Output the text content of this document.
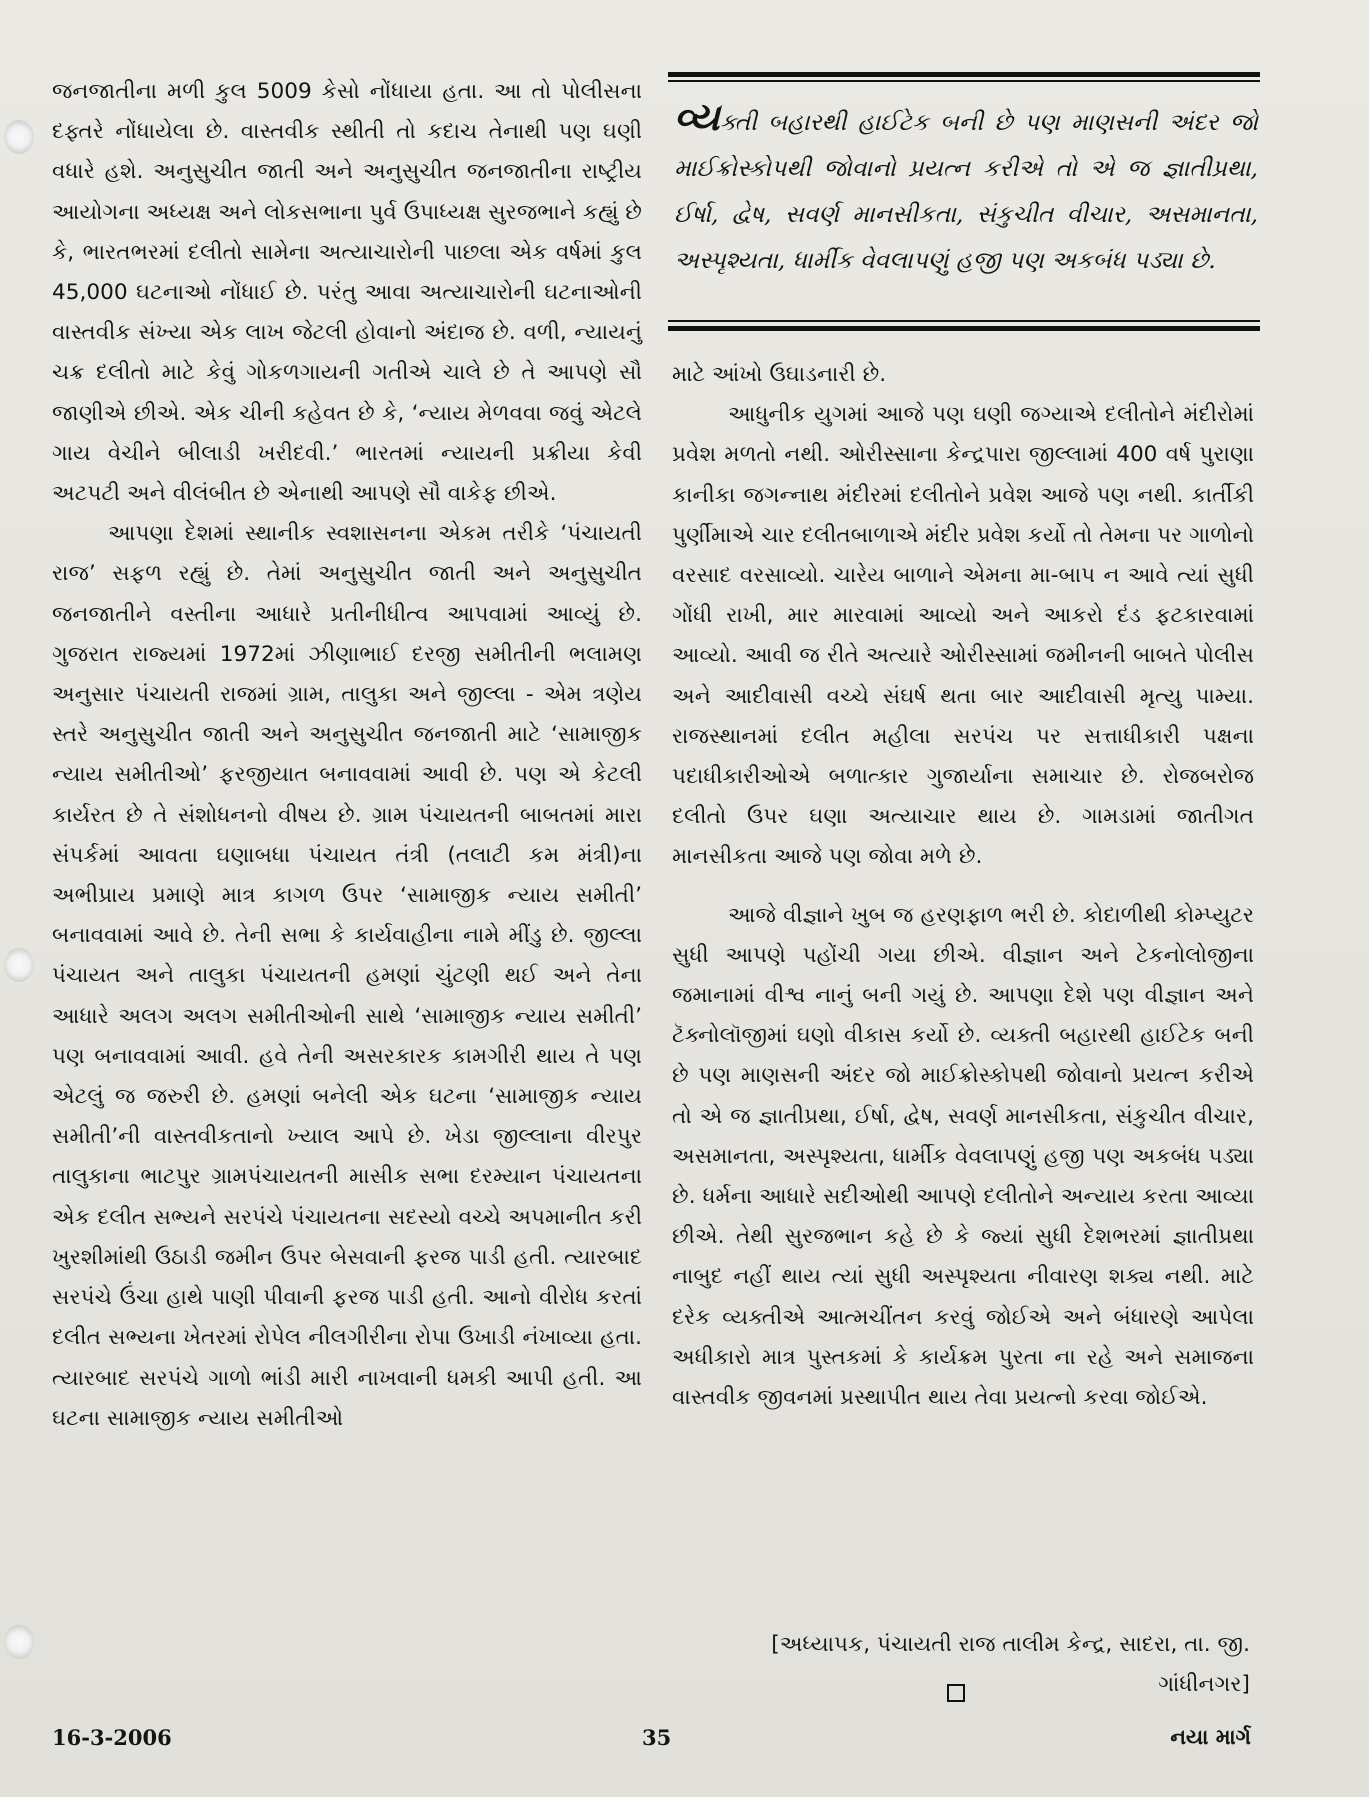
જનજાતીના મળી કુલ 5009 કેસો નોંધાયા હતા. આ તો પોલીસના દફ્તરે નોંધાયેલા છે. વાસ્તવીક સ્થીતી તો કદાચ તેનાથી પણ ઘણી વધારે હશે. અનુસુચીત જાતી અને અનુસુચીત જનજાતીના રાષ્ટ્રીય આયોગના અધ્યક્ષ અને લોકસભાના પુર્વ ઉપાધ્યક્ષ સુરજભાને કહ્યું છે કે, ભારતભરમાં દલીતો સામેના અત્યાચારોની પાછલા એક વર્ષમાં કુલ 45,000 ઘટનાઓ નોંધાઈ છે. પરંતુ આવા અત્યાચારોની ઘટનાઓની વાસ્તવીક સંખ્યા એક લાખ જેટલી હોવાનો અંદાજ છે. વળી, ન્યાયનું ચક્ર દલીતો માટે કેવું ગોકળગાયની ગતીએ ચાલે છે તે આપણે સૌ જાણીએ છીએ. એક ચીની કહેવત છે કે, ‘ન્યાય મેળવવા જવું એટલે ગાય વેચીને બીલાડી ખરીદવી.’ ભારતમાં ન્યાયની પ્રક્રીયા કેવી અટપટી અને વીલંબીત છે એનાથી આપણે સૌ વાકેફ છીએ.

આપણા દેશમાં સ્થાનીક સ્વશાસનના એકમ તરીકે ‘પંચાયતી રાજ’ સફળ રહ્યું છે. તેમાં અનુસુચીત જાતી અને અનુસુચીત જનજાતીને વસ્તીના આધારે પ્રતીનીધીત્વ આપવામાં આવ્યું છે. ગુજરાત રાજ્યમાં 1972માં ઝીણાભાઈ દરજી સમીતીની ભલામણ અનુસાર પંચાયતી રાજમાં ગ્રામ, તાલુકા અને જીલ્લા - એમ ત્રણેય સ્તરે અનુસુચીત જાતી અને અનુસુચીત જનજાતી માટે ‘સામાજીક ન્યાય સમીતીઓ’ ફરજીયાત બનાવવામાં આવી છે. પણ એ કેટલી કાર્યરત છે તે સંશોધનનો વીષય છે. ગ્રામ પંચાયતની બાબતમાં મારા સંપર્કમાં આવતા ઘણાબધા પંચાયત તંત્રી (તલાટી કમ મંત્રી)ના અભીપ્રાય પ્રમાણે માત્ર કાગળ ઉપર ‘સામાજીક ન્યાય સમીતી’ બનાવવામાં આવે છે. તેની સભા કે કાર્યવાહીના નામે મીંડુ છે. જીલ્લા પંચાયત અને તાલુકા પંચાયતની હમણાં ચુંટણી થઈ અને તેના આધારે અલગ અલગ સમીતીઓની સાથે ‘સામાજીક ન્યાય સમીતી’ પણ બનાવવામાં આવી. હવે તેની અસરકારક કામગીરી થાય તે પણ એટલું જ જરુરી છે. હમણાં બનેલી એક ઘટના ‘સામાજીક ન્યાય સમીતી’ની વાસ્તવીકતાનો ખ્યાલ આપે છે. ખેડા જીલ્લાના વીરપુર તાલુકાના ભાટપુર ગ્રામપંચાયતની માસીક સભા દરમ્યાન પંચાયતના એક દલીત સભ્યને સરપંચે પંચાયતના સદસ્યો વચ્ચે અપમાનીત કરી ખુરશીમાંથી ઉઠાડી જમીન ઉપર બેસવાની ફરજ પાડી હતી. ત્યારબાદ સરપંચે ઉંચા હાથે પાણી પીવાની ફરજ પાડી હતી. આનો વીરોધ કરતાં દલીત સભ્યના ખેતરમાં રોપેલ નીલગીરીના રોપા ઉખાડી નંખાવ્યા હતા. ત્યારબાદ સરપંચે ગાળો ભાંડી મારી નાખવાની ધમકી આપી હતી. આ ઘટના સામાજીક ન્યાય સમીતીઓ

વ્યક્તી બહારથી હાઈટેક બની છે પણ માણસની અંદર જો માઈક્રોસ્કોપથી જોવાનો પ્રયત્ન કરીએ તો એ જ જ્ઞાતીપ્રથા, ઈર્ષા, દ્વેષ, સવર્ણ માનસીકતા, સંકુચીત વીચાર, અસમાનતા, અસ્પૃશ્યતા, ધાર્મીક વેવલાપણું હજી પણ અકબંધ પડ્યા છે.

માટે આંખો ઉઘાડનારી છે.

આધુનીક યુગમાં આજે પણ ઘણી જગ્યાએ દલીતોને મંદીરોમાં પ્રવેશ મળતો નથી. ઓરીસ્સાના કેન્દ્રપારા જીલ્લામાં 400 વર્ષ પુરાણા કાનીકા જગન્નાથ મંદીરમાં દલીતોને પ્રવેશ આજે પણ નથી. કાર્તીકી પુર્ણીમાએ ચાર દલીતબાળાએ મંદીર પ્રવેશ કર્યો તો તેમના પર ગાળોનો વરસાદ વરસાવ્યો. ચારેય બાળાને એમના મા-બાપ ન આવે ત્યાં સુધી ગોંધી રાખી, માર મારવામાં આવ્યો અને આકરો દંડ ફટકારવામાં આવ્યો. આવી જ રીતે અત્યારે ઓરીસ્સામાં જમીનની બાબતે પોલીસ અને આદીવાસી વચ્ચે સંઘર્ષ થતા બાર આદીવાસી મૃત્યુ પામ્યા. રાજસ્થાનમાં દલીત મહીલા સરપંચ પર સત્તાધીકારી પક્ષના પદાધીકારીઓએ બળાત્કાર ગુજાર્યાના સમાચાર છે. રોજબરોજ દલીતો ઉપર ઘણા અત્યાચાર થાય છે. ગામડામાં જાતીગત માનસીકતા આજે પણ જોવા મળે છે.

આજે વીજ્ઞાને ખુબ જ હરણફાળ ભરી છે. કોદાળીથી કોમ્પ્યુટર સુધી આપણે પહોંચી ગયા છીએ. વીજ્ઞાન અને ટેકનોલોજીના જમાનામાં વીશ્વ નાનું બની ગયું છે. આપણા દેશે પણ વીજ્ઞાન અને ટૅક્નોલૉજીમાં ઘણો વીકાસ કર્યો છે. વ્યક્તી બહારથી હાઈટેક બની છે પણ માણસની અંદર જો માઈક્રોસ્કોપથી જોવાનો પ્રયત્ન કરીએ તો એ જ જ્ઞાતીપ્રથા, ઈર્ષા, દ્વેષ, સવર્ણ માનસીકતા, સંકુચીત વીચાર, અસમાનતા, અસ્પૃશ્યતા, ધાર્મીક વેવલાપણું હજી પણ અકબંધ પડ્યા છે. ધર્મના આધારે સદીઓથી આપણે દલીતોને અન્યાય કરતા આવ્યા છીએ. તેથી સુરજભાન કહે છે કે જ્યાં સુધી દેશભરમાં જ્ઞાતીપ્રથા નાબુદ નહીં થાય ત્યાં સુધી અસ્પૃશ્યતા નીવારણ શક્ય નથી. માટે દરેક વ્યક્તીએ આત્મચીંતન કરવું જોઈએ અને બંધારણે આપેલા અધીકારો માત્ર પુસ્તકમાં કે કાર્યક્રમ પુરતા ના રહે અને સમાજના વાસ્તવીક જીવનમાં પ્રસ્થાપીત થાય તેવા પ્રયત્નો કરવા જોઈએ.

[અધ્યાપક, પંચાયતી રાજ તાલીમ કેન્દ્ર, સાદરા, તા. જી.
ગાંધીનગર]
16-3-2006	35	નયા માર્ગ
